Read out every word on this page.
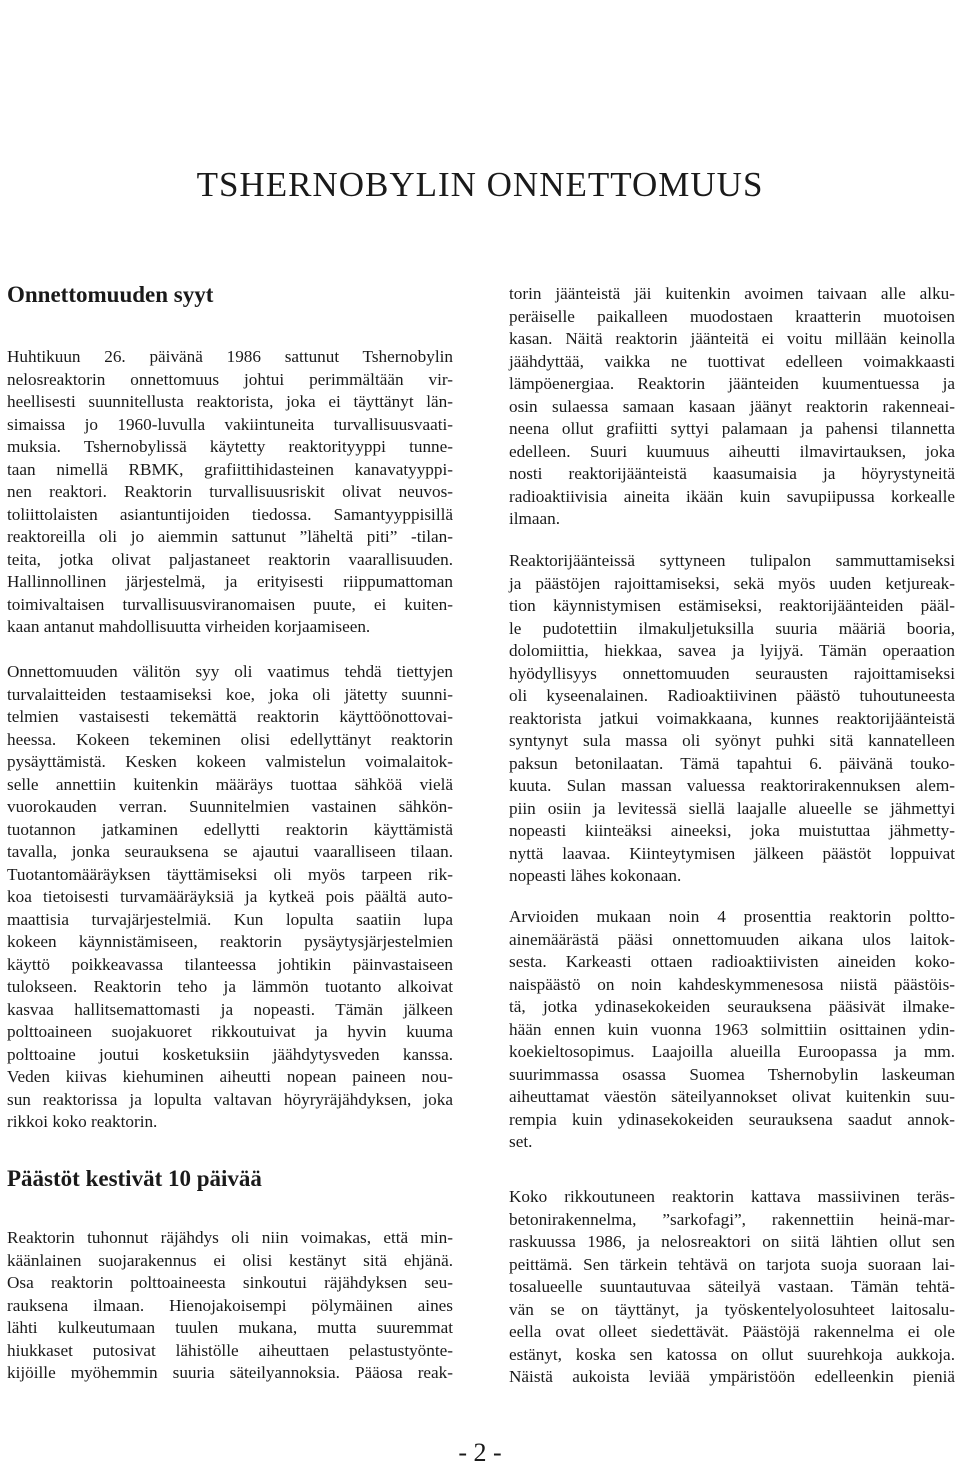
TSHERNOBYLIN ONNETTOMUUS
Onnettomuuden syyt
Huhtikuun 26. päivänä 1986 sattunut Tshernobylin
nelosreaktorin onnettomuus johtui perimmältään vir-
heellisesti suunnitellusta reaktorista, joka ei täyttänyt län-
simaissa jo 1960-luvulla vakiintuneita turvallisuusvaati-
muksia. Tshernobylissä käytetty reaktorityyppi tunne-
taan nimellä RBMK, grafiittihidasteinen kanavatyyppi-
nen reaktori. Reaktorin turvallisuusriskit olivat neuvos-
toliittolaisten asiantuntijoiden tiedossa. Samantyyppisillä
reaktoreilla oli jo aiemmin sattunut ”läheltä piti” -tilan-
teita, jotka olivat paljastaneet reaktorin vaarallisuuden.
Hallinnollinen järjestelmä, ja erityisesti riippumattoman
toimivaltaisen turvallisuusviranomaisen puute, ei kuiten-
kaan antanut mahdollisuutta virheiden korjaamiseen.
Onnettomuuden välitön syy oli vaatimus tehdä tiettyjen
turvalaitteiden testaamiseksi koe, joka oli jätetty suunni-
telmien vastaisesti tekemättä reaktorin käyttöönottovai-
heessa. Kokeen tekeminen olisi edellyttänyt reaktorin
pysäyttämistä. Kesken kokeen valmistelun voimalaitok-
selle annettiin kuitenkin määräys tuottaa sähköä vielä
vuorokauden verran. Suunnitelmien vastainen sähkön-
tuotannon jatkaminen edellytti reaktorin käyttämistä
tavalla, jonka seurauksena se ajautui vaaralliseen tilaan.
Tuotantomääräyksen täyttämiseksi oli myös tarpeen rik-
koa tietoisesti turvamääräyksiä ja kytkeä pois päältä auto-
maattisia turvajärjestelmiä. Kun lopulta saatiin lupa
kokeen käynnistämiseen, reaktorin pysäytysjärjestelmien
käyttö poikkeavassa tilanteessa johtikin päinvastaiseen
tulokseen. Reaktorin teho ja lämmön tuotanto alkoivat
kasvaa hallitsemattomasti ja nopeasti. Tämän jälkeen
polttoaineen suojakuoret rikkoutuivat ja hyvin kuuma
polttoaine joutui kosketuksiin jäähdytysveden kanssa.
Veden kiivas kiehuminen aiheutti nopean paineen nou-
sun reaktorissa ja lopulta valtavan höyryräjähdyksen, joka
rikkoi koko reaktorin.
Päästöt kestivät 10 päivää
Reaktorin tuhonnut räjähdys oli niin voimakas, että min-
käänlainen suojarakennus ei olisi kestänyt sitä ehjänä.
Osa reaktorin polttoaineesta sinkoutui räjähdyksen seu-
rauksena ilmaan. Hienojakoisempi pölymäinen aines
lähti kulkeutumaan tuulen mukana, mutta suuremmat
hiukkaset putosivat lähistölle aiheuttaen pelastustyönte-
kijöille myöhemmin suuria säteilyannoksia. Pääosa reak-
torin jäänteistä jäi kuitenkin avoimen taivaan alle alku-
peräiselle paikalleen muodostaen kraatterin muotoisen
kasan. Näitä reaktorin jäänteitä ei voitu millään keinolla
jäähdyttää, vaikka ne tuottivat edelleen voimakkaasti
lämpöenergiaa. Reaktorin jäänteiden kuumentuessa ja
osin sulaessa samaan kasaan jäänyt reaktorin rakenneai-
neena ollut grafiitti syttyi palamaan ja pahensi tilannetta
edelleen. Suuri kuumuus aiheutti ilmavirtauksen, joka
nosti reaktorijäänteistä kaasumaisia ja höyrystyneitä
radioaktiivisia aineita ikään kuin savupiipussa korkealle
ilmaan.
Reaktorijäänteissä syttyneen tulipalon sammuttamiseksi
ja päästöjen rajoittamiseksi, sekä myös uuden ketjureak-
tion käynnistymisen estämiseksi, reaktorijäänteiden pääl-
le pudotettiin ilmakuljetuksilla suuria määriä booria,
dolomiittia, hiekkaa, savea ja lyijyä. Tämän operaation
hyödyllisyys onnettomuuden seurausten rajoittamiseksi
oli kyseenalainen. Radioaktiivinen päästö tuhoutuneesta
reaktorista jatkui voimakkaana, kunnes reaktorijäänteistä
syntynyt sula massa oli syönyt puhki sitä kannatelleen
paksun betonilaatan. Tämä tapahtui 6. päivänä touko-
kuuta. Sulan massan valuessa reaktorirakennuksen alem-
piin osiin ja levitessä siellä laajalle alueelle se jähmettyi
nopeasti kiinteäksi aineeksi, joka muistuttaa jähmetty-
nyttä laavaa. Kiinteytymisen jälkeen päästöt loppuivat
nopeasti lähes kokonaan.
Arvioiden mukaan noin 4 prosenttia reaktorin poltto-
ainemäärästä pääsi onnettomuuden aikana ulos laitok-
sesta. Karkeasti ottaen radioaktiivisten aineiden koko-
naispäästö on noin kahdeskymmenesosa niistä päästöis-
tä, jotka ydinasekokeiden seurauksena pääsivät ilmake-
hään ennen kuin vuonna 1963 solmittiin osittainen ydin-
koekieltosopimus. Laajoilla alueilla Euroopassa ja mm.
suurimmassa osassa Suomea Tshernobylin laskeuman
aiheuttamat väestön säteilyannokset olivat kuitenkin suu-
rempia kuin ydinasekokeiden seurauksena saadut annok-
set.
Koko rikkoutuneen reaktorin kattava massiivinen teräs-
betonirakennelma, ”sarkofagi”, rakennettiin heinä-mar-
raskuussa 1986, ja nelosreaktori on siitä lähtien ollut sen
peittämä. Sen tärkein tehtävä on tarjota suoja suoraan lai-
tosalueelle suuntautuvaa säteilyä vastaan. Tämän tehtä-
vän se on täyttänyt, ja työskentelyolosuhteet laitosalu-
eella ovat olleet siedettävät. Päästöjä rakennelma ei ole
estänyt, koska sen katossa on ollut suurehkoja aukkoja.
Näistä aukoista leviää ympäristöön edelleenkin pieniä
- 2 -
